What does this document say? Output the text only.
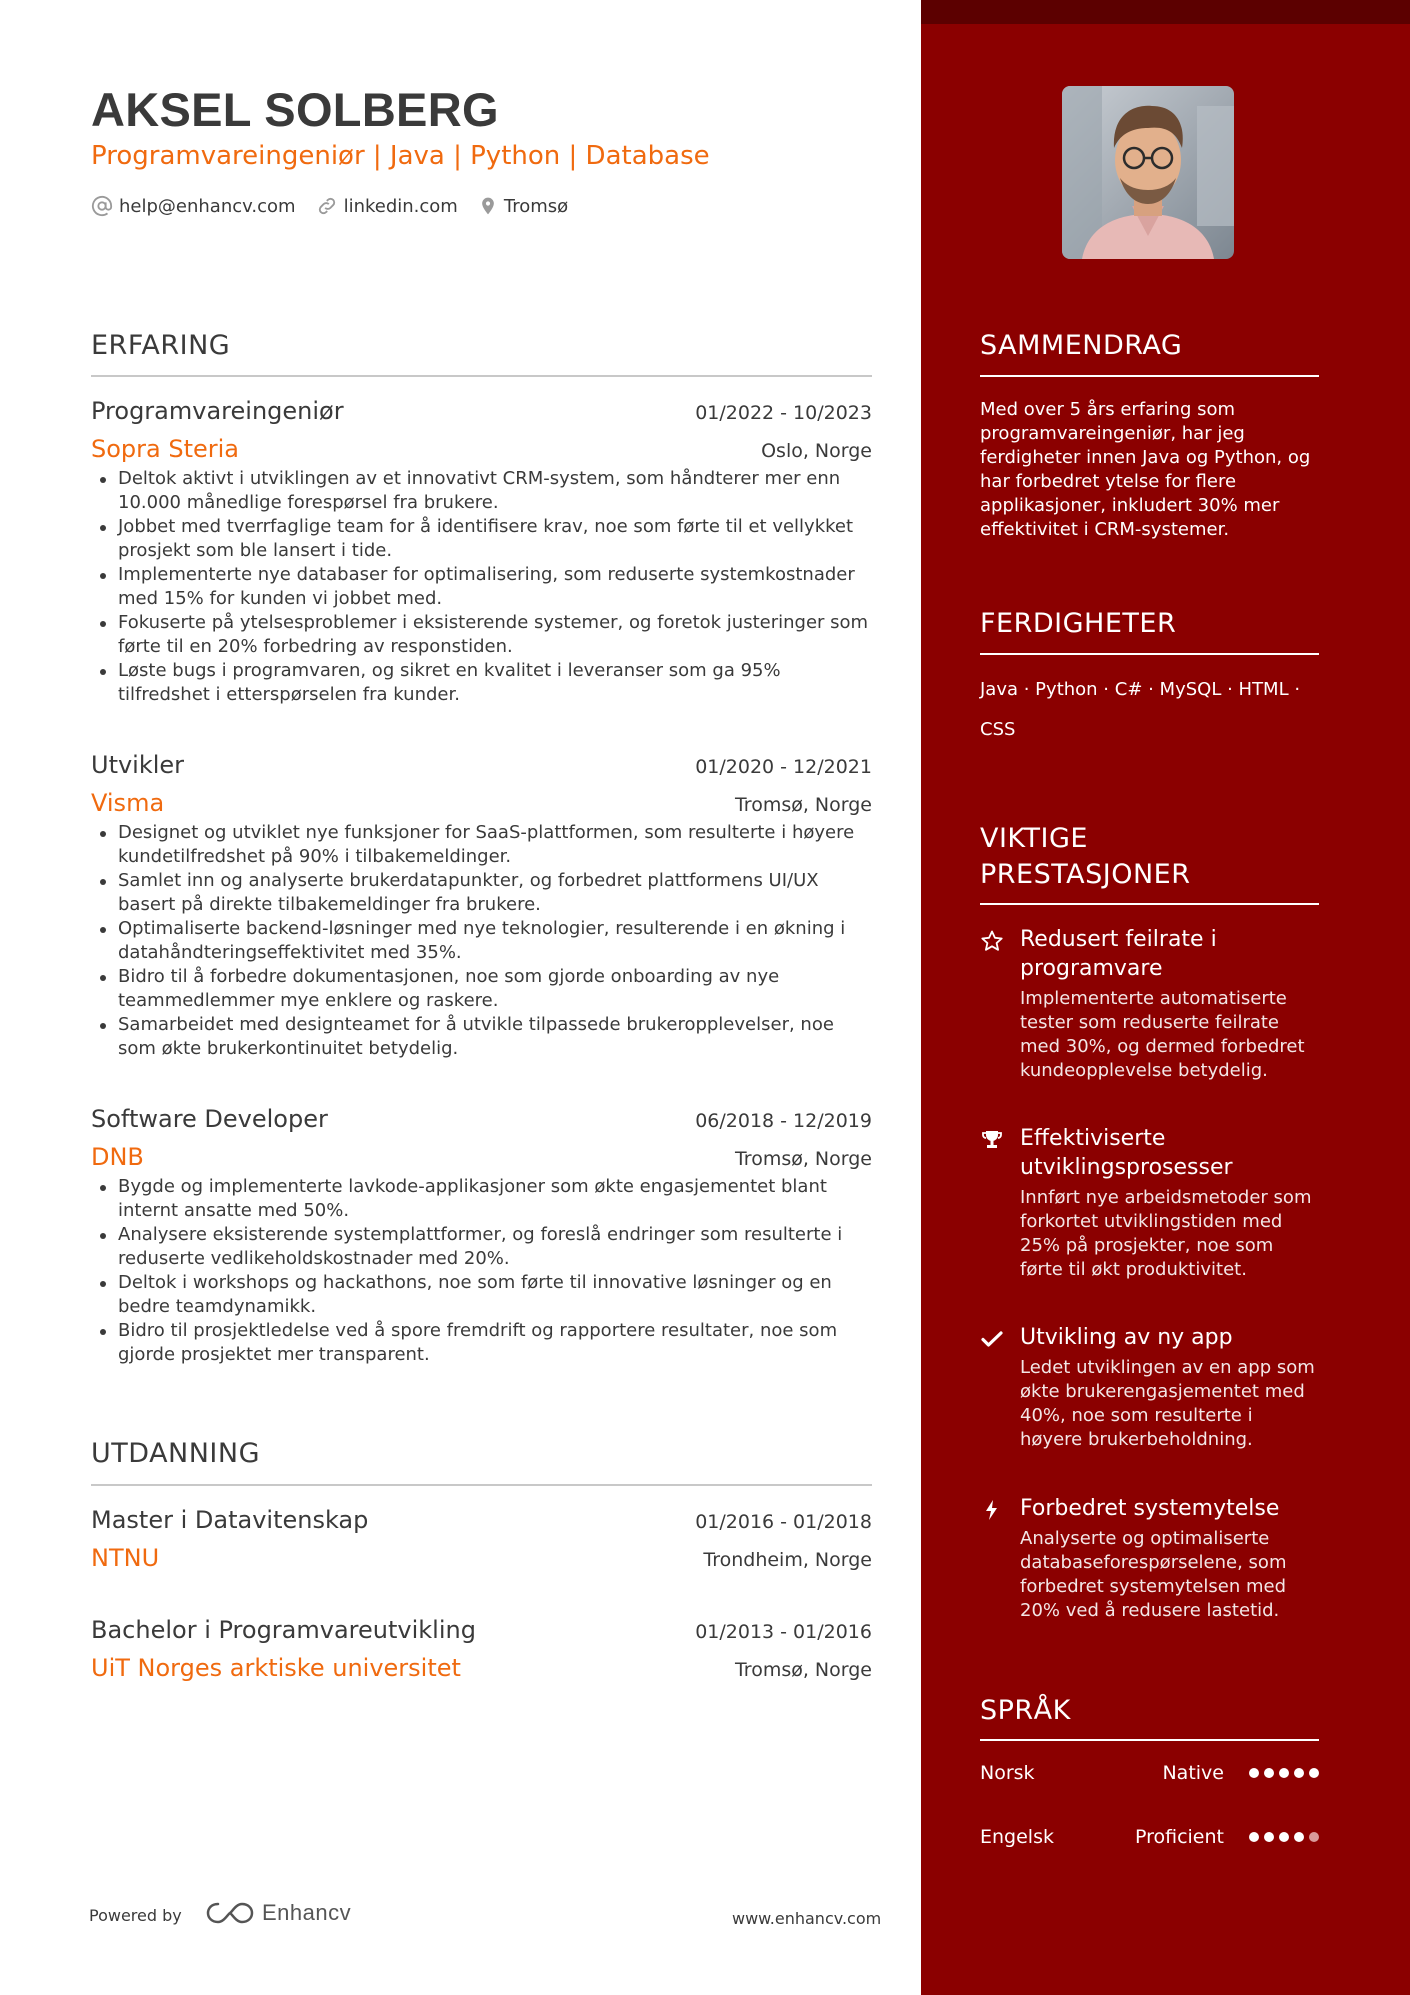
AKSEL SOLBERG
Programvareingeniør | Java | Python | Database
help@enhancv.com	linkedin.com	Tromsø
ERFARING
Programvareingeniør	01/2022 - 10/2023
Sopra Steria	Oslo, Norge
Deltok aktivt i utviklingen av et innovativt CRM-system, som håndterer mer enn 10.000 månedlige forespørsel fra brukere.
Jobbet med tverrfaglige team for å identifisere krav, noe som førte til et vellykket prosjekt som ble lansert i tide.
Implementerte nye databaser for optimalisering, som reduserte systemkostnader med 15% for kunden vi jobbet med.
Fokuserte på ytelsesproblemer i eksisterende systemer, og foretok justeringer som førte til en 20% forbedring av responstiden.
Løste bugs i programvaren, og sikret en kvalitet i leveranser som ga 95% tilfredshet i etterspørselen fra kunder.
Utvikler	01/2020 - 12/2021
Visma	Tromsø, Norge
Designet og utviklet nye funksjoner for SaaS-plattformen, som resulterte i høyere kundetilfredshet på 90% i tilbakemeldinger.
Samlet inn og analyserte brukerdatapunkter, og forbedret plattformens UI/UX basert på direkte tilbakemeldinger fra brukere.
Optimaliserte backend-løsninger med nye teknologier, resulterende i en økning i datahåndteringseffektivitet med 35%.
Bidro til å forbedre dokumentasjonen, noe som gjorde onboarding av nye teammedlemmer mye enklere og raskere.
Samarbeidet med designteamet for å utvikle tilpassede brukeropplevelser, noe som økte brukerkontinuitet betydelig.
Software Developer	06/2018 - 12/2019
DNB	Tromsø, Norge
Bygde og implementerte lavkode-applikasjoner som økte engasjementet blant internt ansatte med 50%.
Analysere eksisterende systemplattformer, og foreslå endringer som resulterte i reduserte vedlikeholdskostnader med 20%.
Deltok i workshops og hackathons, noe som førte til innovative løsninger og en bedre teamdynamikk.
Bidro til prosjektledelse ved å spore fremdrift og rapportere resultater, noe som gjorde prosjektet mer transparent.
UTDANNING
Master i Datavitenskap	01/2016 - 01/2018
NTNU	Trondheim, Norge
Bachelor i Programvareutvikling	01/2013 - 01/2016
UiT Norges arktiske universitet	Tromsø, Norge
Powered by	Enhancv	www.enhancv.com
SAMMENDRAG
Med over 5 års erfaring som programvareingeniør, har jeg ferdigheter innen Java og Python, og har forbedret ytelse for flere applikasjoner, inkludert 30% mer effektivitet i CRM-systemer.
FERDIGHETER
Java · Python · C# · MySQL · HTML · CSS
VIKTIGE
PRESTASJONER
Redusert feilrate i programvare
Implementerte automatiserte tester som reduserte feilrate med 30%, og dermed forbedret kundeopplevelse betydelig.
Effektiviserte utviklingsprosesser
Innført nye arbeidsmetoder som forkortet utviklingstiden med 25% på prosjekter, noe som førte til økt produktivitet.
Utvikling av ny app
Ledet utviklingen av en app som økte brukerengasjementet med 40%, noe som resulterte i høyere brukerbeholdning.
Forbedret systemytelse
Analyserte og optimaliserte databaseforespørselene, som forbedret systemytelsen med 20% ved å redusere lastetid.
SPRÅK
Norsk	Native
Engelsk	Proficient
